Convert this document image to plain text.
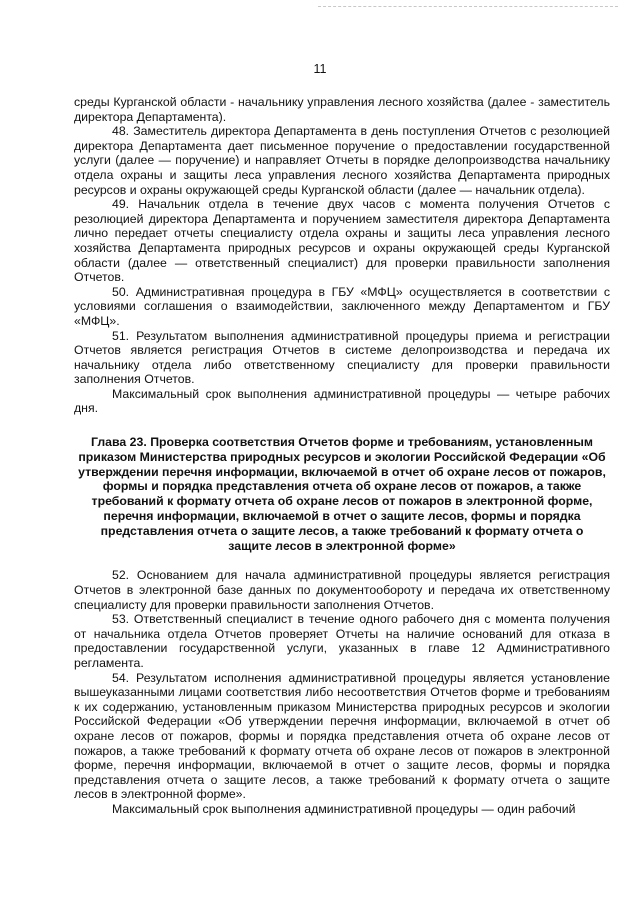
11

среды Курганской области - начальнику управления лесного хозяйства (далее - заместитель директора Департамента).

48. Заместитель директора Департамента в день поступления Отчетов с резолюцией директора Департамента дает письменное поручение о предоставлении государственной услуги (далее — поручение) и направляет Отчеты в порядке делопроизводства начальнику отдела охраны и защиты леса управления лесного хозяйства Департамента природных ресурсов и охраны окружающей среды Курганской области (далее — начальник отдела).

49. Начальник отдела в течение двух часов с момента получения Отчетов с резолюцией директора Департамента и поручением заместителя директора Департамента лично передает отчеты специалисту отдела охраны и защиты леса управления лесного хозяйства Департамента природных ресурсов и охраны окружающей среды Курганской области (далее — ответственный специалист) для проверки правильности заполнения Отчетов.

50. Административная процедура в ГБУ «МФЦ» осуществляется в соответствии с условиями соглашения о взаимодействии, заключенного между Департаментом и ГБУ «МФЦ».

51. Результатом выполнения административной процедуры приема и регистрации Отчетов является регистрация Отчетов в системе делопроизводства и передача их начальнику отдела либо ответственному специалисту для проверки правильности заполнения Отчетов.

Максимальный срок выполнения административной процедуры — четыре рабочих дня.

Глава 23. Проверка соответствия Отчетов форме и требованиям, установленным приказом Министерства природных ресурсов и экологии Российской Федерации «Об утверждении перечня информации, включаемой в отчет об охране лесов от пожаров, формы и порядка представления отчета об охране лесов от пожаров, а также требований к формату отчета об охране лесов от пожаров в электронной форме, перечня информации, включаемой в отчет о защите лесов, формы и порядка представления отчета о защите лесов, а также требований к формату отчета о защите лесов в электронной форме»

52. Основанием для начала административной процедуры является регистрация Отчетов в электронной базе данных по документообороту и передача их ответственному специалисту для проверки правильности заполнения Отчетов.

53. Ответственный специалист в течение одного рабочего дня с момента получения от начальника отдела Отчетов проверяет Отчеты на наличие оснований для отказа в предоставлении государственной услуги, указанных в главе 12 Административного регламента.

54. Результатом исполнения административной процедуры является установление вышеуказанными лицами соответствия либо несоответствия Отчетов форме и требованиям к их содержанию, установленным приказом Министерства природных ресурсов и экологии Российской Федерации «Об утверждении перечня информации, включаемой в отчет об охране лесов от пожаров, формы и порядка представления отчета об охране лесов от пожаров, а также требований к формату отчета об охране лесов от пожаров в электронной форме, перечня информации, включаемой в отчет о защите лесов, формы и порядка представления отчета о защите лесов, а также требований к формату отчета о защите лесов в электронной форме».

Максимальный срок выполнения административной процедуры — один рабочий
